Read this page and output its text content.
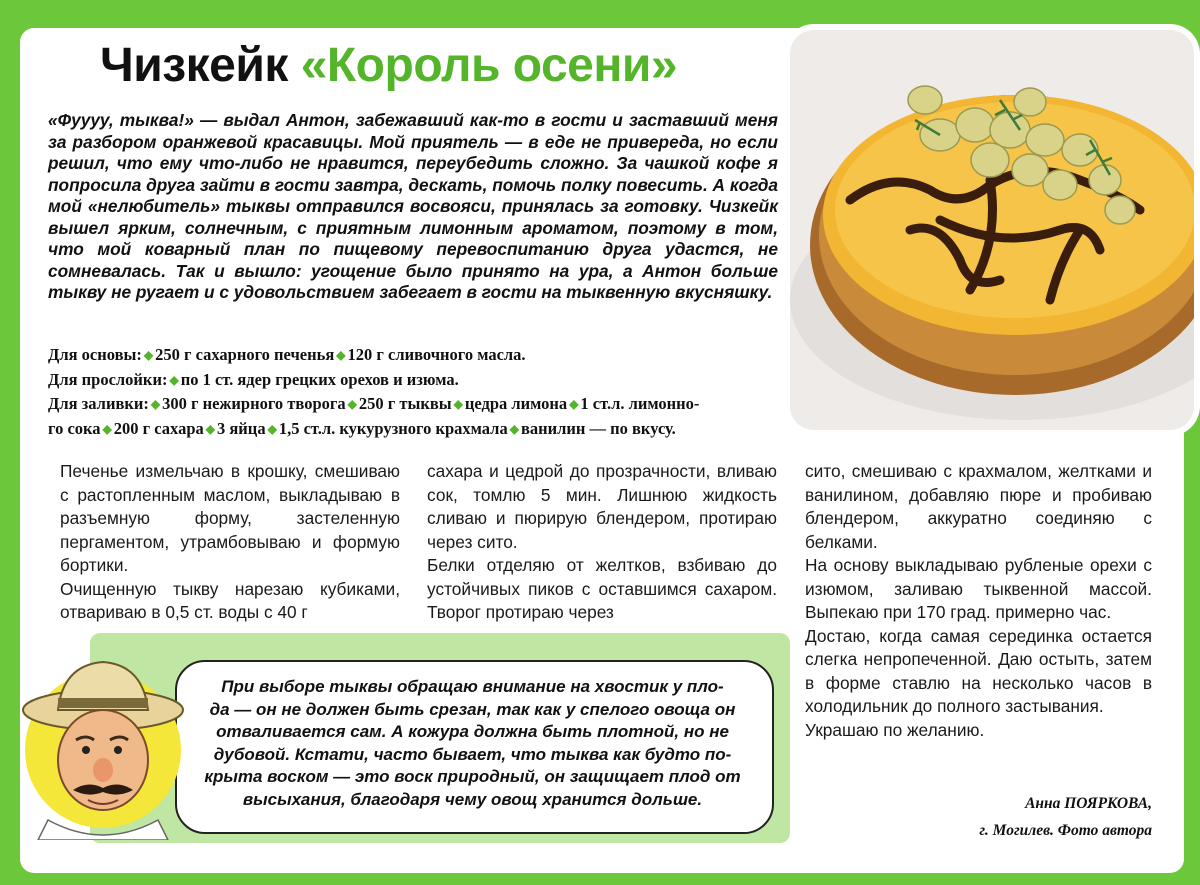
Чизкейк «Король осени»

«Фуууу, тыква!» — выдал Антон, забежавший как-то в гости и заставший меня за разбором оранжевой красавицы. Мой приятель — в еде не привереда, но если решил, что ему что-либо не нравится, переубедить сложно. За чашкой кофе я попросила друга зайти в гости завтра, дескать, помочь полку повесить. А когда мой «нелюбитель» тыквы отправился восвояси, принялась за готовку. Чизкейк вышел ярким, солнечным, с приятным лимонным ароматом, поэтому в том, что мой коварный план по пищевому перевоспитанию друга удастся, не сомневалась. Так и вышло: угощение было принято на ура, а Антон больше тыкву не ругает и с удовольствием забегает в гости на тыквенную вкусняшку.

Для основы: ◆ 250 г сахарного печенья ◆ 120 г сливочного масла.
Для прослойки: ◆ по 1 ст. ядер грецких орехов и изюма.
Для заливки: ◆ 300 г нежирного творога ◆ 250 г тыквы ◆ цедра лимона ◆ 1 ст.л. лимонно-
го сока ◆ 200 г сахара ◆ 3 яйца ◆ 1,5 ст.л. кукурузного крахмала ◆ ванилин — по вкусу.

Печенье измельчаю в крошку, смешиваю с растопленным маслом, выкладываю в разъемную форму, застеленную пергаментом, утрамбовываю и формую бортики.

Очищенную тыкву нарезаю кубиками, отвариваю в 0,5 ст. воды с 40 г

сахара и цедрой до прозрачности, вливаю сок, томлю 5 мин. Лишнюю жидкость сливаю и пюрирую блендером, протираю через сито.

Белки отделяю от желтков, взбиваю до устойчивых пиков с оставшимся сахаром. Творог протираю через

сито, смешиваю с крахмалом, желтками и ванилином, добавляю пюре и пробиваю блендером, аккуратно соединяю с белками.

На основу выкладываю рубленые орехи с изюмом, заливаю тыквенной массой. Выпекаю при 170 град. примерно час.

Достаю, когда самая серединка остается слегка непропеченной. Даю остыть, затем в форме ставлю на несколько часов в холодильник до полного застывания.

Украшаю по желанию.

При выборе тыквы обращаю внимание на хвостик у пло-

да — он не должен быть срезан, так как у спелого овоща он

отваливается сам. А кожура должна быть плотной, но не

дубовой. Кстати, часто бывает, что тыква как будто по-

крыта воском — это воск природный, он защищает плод от

высыхания, благодаря чему овощ хранится дольше.	Анна ПОЯРКОВА,
г. Могилев. Фото автора
